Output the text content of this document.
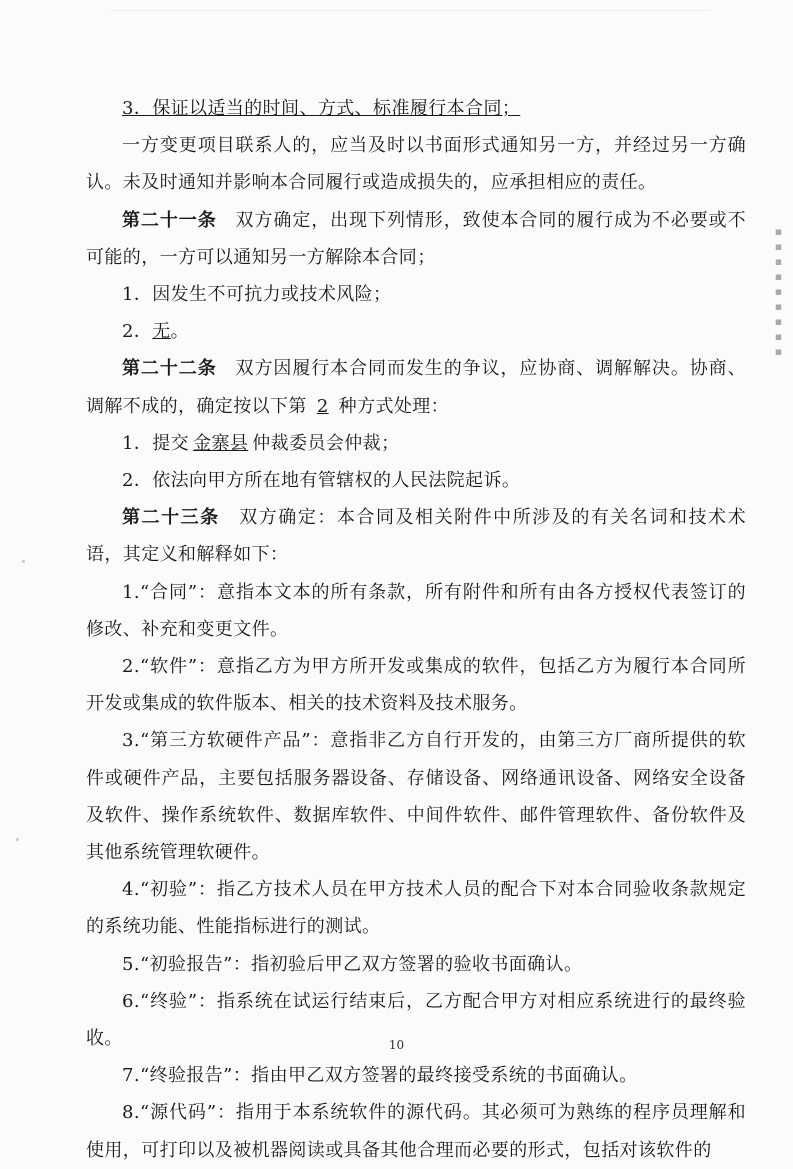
▪▪▪▪▪▪▪▪▪

3．保证以适当的时间、方式、标准履行本合同；

一方变更项目联系人的，应当及时以书面形式通知另一方，并经过另一方确认。未及时通知并影响本合同履行或造成损失的，应承担相应的责任。

第二十一条　双方确定，出现下列情形，致使本合同的履行成为不必要或不可能的，一方可以通知另一方解除本合同；

1．因发生不可抗力或技术风险；

2．无。

第二十二条　双方因履行本合同而发生的争议，应协商、调解解决。协商、调解不成的，确定按以下第 2 种方式处理：

1．提交 金寨县 仲裁委员会仲裁；

2．依法向甲方所在地有管辖权的人民法院起诉。

第二十三条　双方确定：本合同及相关附件中所涉及的有关名词和技术术语，其定义和解释如下：

1.“合同”：意指本文本的所有条款，所有附件和所有由各方授权代表签订的修改、补充和变更文件。

2.“软件”：意指乙方为甲方所开发或集成的软件，包括乙方为履行本合同所开发或集成的软件版本、相关的技术资料及技术服务。

3.“第三方软硬件产品”：意指非乙方自行开发的，由第三方厂商所提供的软件或硬件产品，主要包括服务器设备、存储设备、网络通讯设备、网络安全设备及软件、操作系统软件、数据库软件、中间件软件、邮件管理软件、备份软件及其他系统管理软硬件。

4.“初验”：指乙方技术人员在甲方技术人员的配合下对本合同验收条款规定的系统功能、性能指标进行的测试。

5.“初验报告”：指初验后甲乙双方签署的验收书面确认。

6.“终验”：指系统在试运行结束后，乙方配合甲方对相应系统进行的最终验收。

7.“终验报告”：指由甲乙双方签署的最终接受系统的书面确认。

8.“源代码”：指用于本系统软件的源代码。其必须可为熟练的程序员理解和使用，可打印以及被机器阅读或具备其他合理而必要的形式，包括对该软件的

10
